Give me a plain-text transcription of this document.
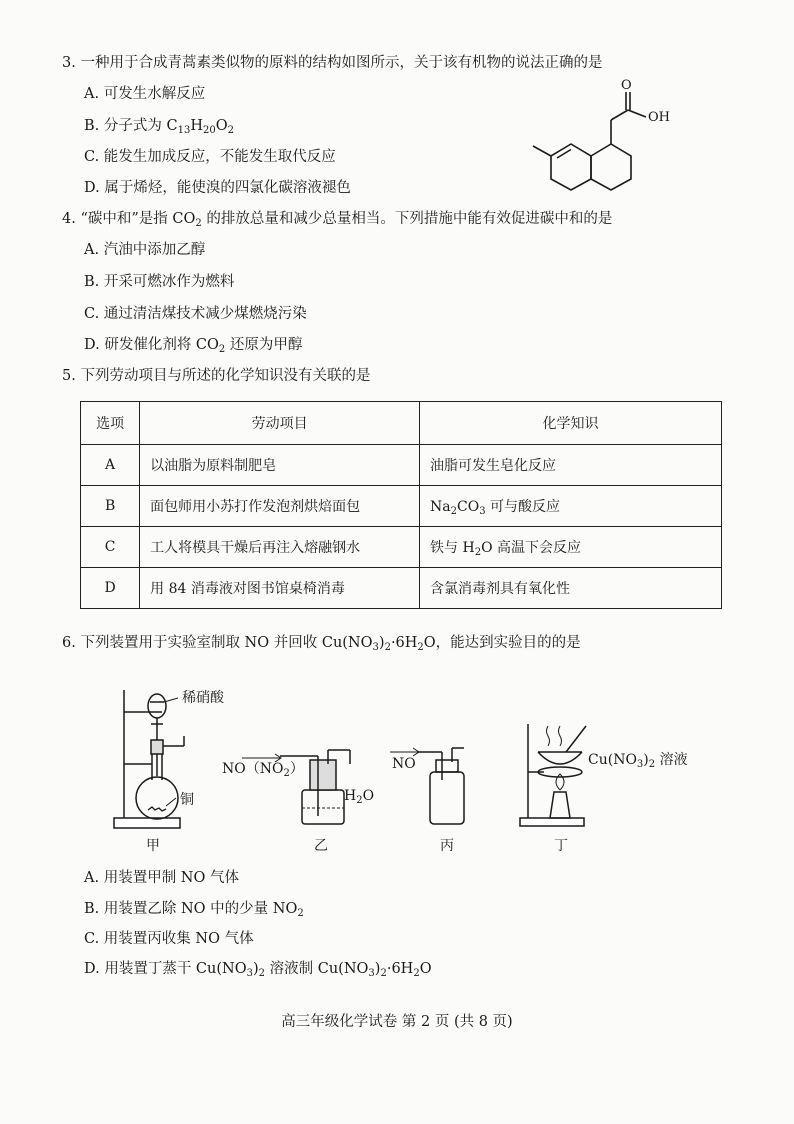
3. 一种用于合成青蒿素类似物的原料的结构如图所示，关于该有机物的说法正确的是
A. 可发生水解反应
B. 分子式为 $C_{13}H_{20}O_2$
C. 能发生加成反应，不能发生取代反应
D. 属于烯烃，能使溴的四氯化碳溶液褪色
O
OH
4. “碳中和”是指 $CO_2$ 的排放总量和减少总量相当。下列措施中能有效促进碳中和的是
A. 汽油中添加乙醇
B. 开采可燃冰作为燃料
C. 通过清洁煤技术减少煤燃烧污染
D. 研发催化剂将 $CO_2$ 还原为甲醇
5. 下列劳动项目与所述的化学知识没有关联的是
选项	劳动项目	化学知识
A	以油脂为原料制肥皂	油脂可发生皂化反应
B	面包师用小苏打作发泡剂烘焙面包	$Na_2CO_3$ 可与酸反应
C	工人将模具干燥后再注入熔融钢水	铁与 $H_2O$ 高温下会反应
D	用 84 消毒液对图书馆桌椅消毒	含氯消毒剂具有氧化性
6. 下列装置用于实验室制取 NO 并回收 $Cu(NO_3)_2\cdot 6H_2O$，能达到实验目的的是
稀硝酸
铜
甲
$NO(NO_2)$
$H_2O$
乙
NO
丙
$Cu(NO_3)_2$ 溶液
丁
A. 用装置甲制 NO 气体
B. 用装置乙除 NO 中的少量 $NO_2$
C. 用装置丙收集 NO 气体
D. 用装置丁蒸干 $Cu(NO_3)_2$ 溶液制 $Cu(NO_3)_2\cdot 6H_2O$
高三年级化学试卷 第 2 页 (共 8 页)
